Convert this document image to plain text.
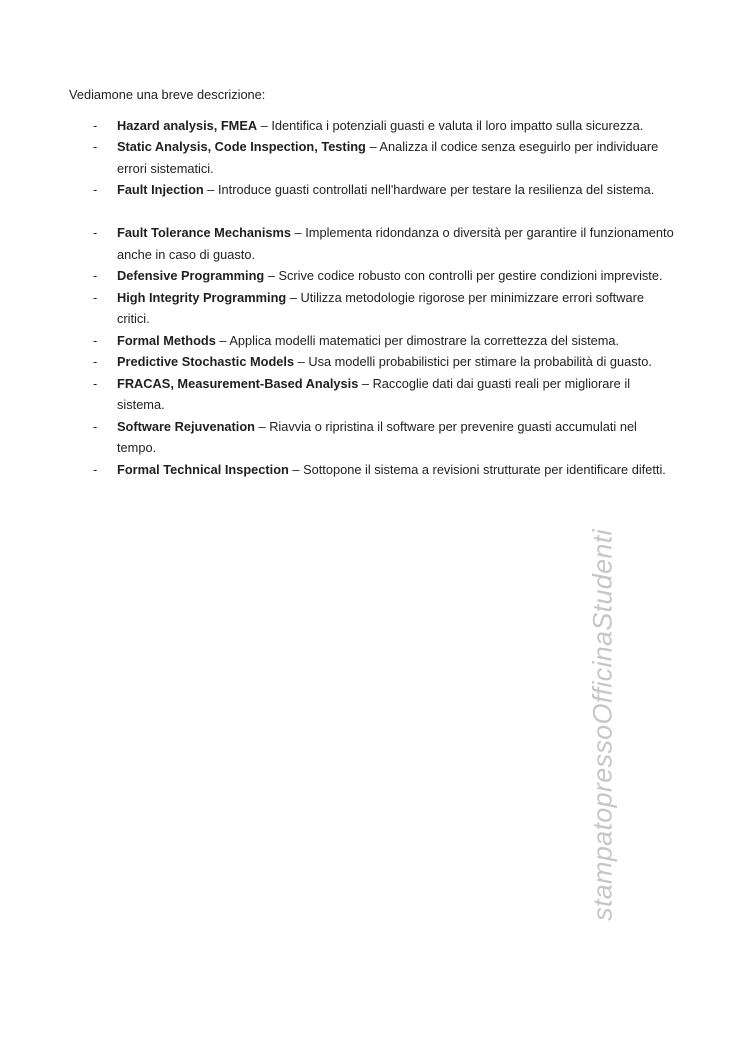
Vediamone una breve descrizione:

-	Hazard analysis, FMEA – Identifica i potenziali guasti e valuta il loro impatto sulla sicurezza.
-	Static Analysis, Code Inspection, Testing – Analizza il codice senza eseguirlo per individuare errori sistematici.
-	Fault Injection – Introduce guasti controllati nell'hardware per testare la resilienza del sistema.
-	Fault Tolerance Mechanisms – Implementa ridondanza o diversità per garantire il funzionamento anche in caso di guasto.
-	Defensive Programming – Scrive codice robusto con controlli per gestire condizioni impreviste.
-	High Integrity Programming – Utilizza metodologie rigorose per minimizzare errori software critici.
-	Formal Methods – Applica modelli matematici per dimostrare la correttezza del sistema.
-	Predictive Stochastic Models – Usa modelli probabilistici per stimare la probabilità di guasto.
-	FRACAS, Measurement-Based Analysis – Raccoglie dati dai guasti reali per migliorare il sistema.
-	Software Rejuvenation – Riavvia o ripristina il software per prevenire guasti accumulati nel tempo.
-	Formal Technical Inspection – Sottopone il sistema a revisioni strutturate per identificare difetti.
stampatopressoOfficinaStudenti
